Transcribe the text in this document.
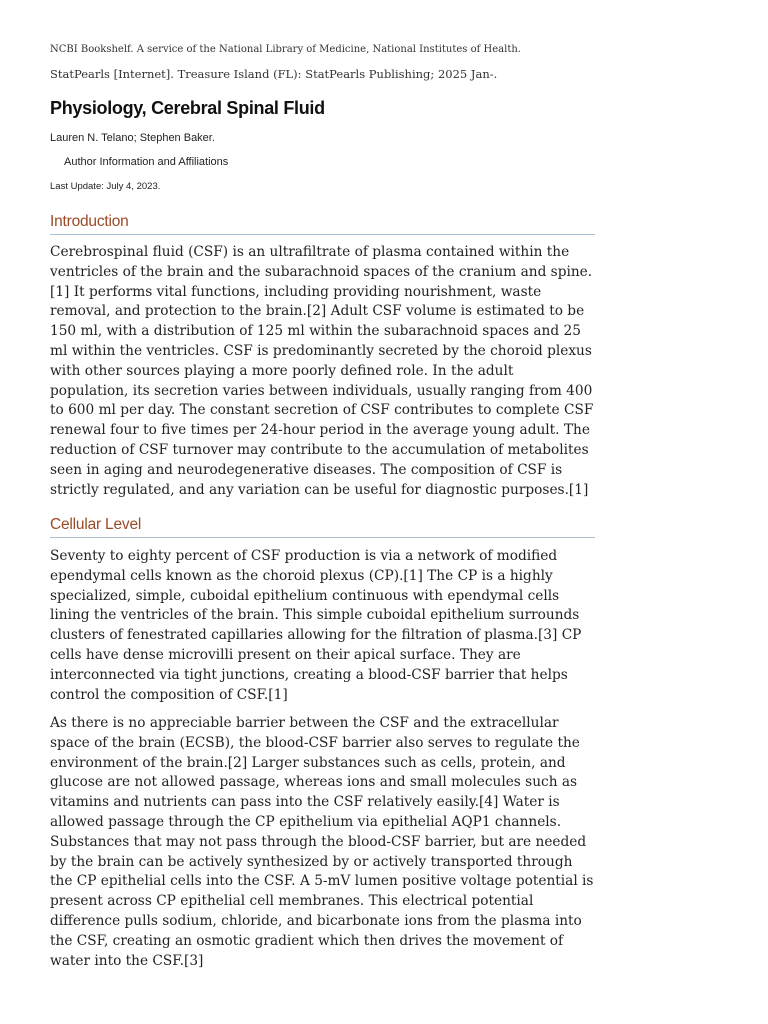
NCBI Bookshelf. A service of the National Library of Medicine, National Institutes of Health.
StatPearls [Internet]. Treasure Island (FL): StatPearls Publishing; 2025 Jan-.
Physiology, Cerebral Spinal Fluid
Lauren N. Telano; Stephen Baker.
Author Information and Affiliations
Last Update: July 4, 2023.
Introduction

Cerebrospinal fluid (CSF) is an ultrafiltrate of plasma contained within the ventricles of the brain and the subarachnoid spaces of the cranium and spine.[1] It performs vital functions, including providing nourishment, waste removal, and protection to the brain.[2] Adult CSF volume is estimated to be 150 ml, with a distribution of 125 ml within the subarachnoid spaces and 25 ml within the ventricles. CSF is predominantly secreted by the choroid plexus with other sources playing a more poorly defined role. In the adult population, its secretion varies between individuals, usually ranging from 400 to 600 ml per day. The constant secretion of CSF contributes to complete CSF renewal four to five times per 24-hour period in the average young adult. The reduction of CSF turnover may contribute to the accumulation of metabolites seen in aging and neurodegenerative diseases. The composition of CSF is strictly regulated, and any variation can be useful for diagnostic purposes.[1]

Cellular Level

Seventy to eighty percent of CSF production is via a network of modified ependymal cells known as the choroid plexus (CP).[1] The CP is a highly specialized, simple, cuboidal epithelium continuous with ependymal cells lining the ventricles of the brain. This simple cuboidal epithelium surrounds clusters of fenestrated capillaries allowing for the filtration of plasma.[3] CP cells have dense microvilli present on their apical surface. They are interconnected via tight junctions, creating a blood-CSF barrier that helps control the composition of CSF.[1]

As there is no appreciable barrier between the CSF and the extracellular space of the brain (ECSB), the blood-CSF barrier also serves to regulate the environment of the brain.[2] Larger substances such as cells, protein, and glucose are not allowed passage, whereas ions and small molecules such as vitamins and nutrients can pass into the CSF relatively easily.[4] Water is allowed passage through the CP epithelium via epithelial AQP1 channels. Substances that may not pass through the blood-CSF barrier, but are needed by the brain can be actively synthesized by or actively transported through the CP epithelial cells into the CSF. A 5-mV lumen positive voltage potential is present across CP epithelial cell membranes. This electrical potential difference pulls sodium, chloride, and bicarbonate ions from the plasma into the CSF, creating an osmotic gradient which then drives the movement of water into the CSF.[3]
